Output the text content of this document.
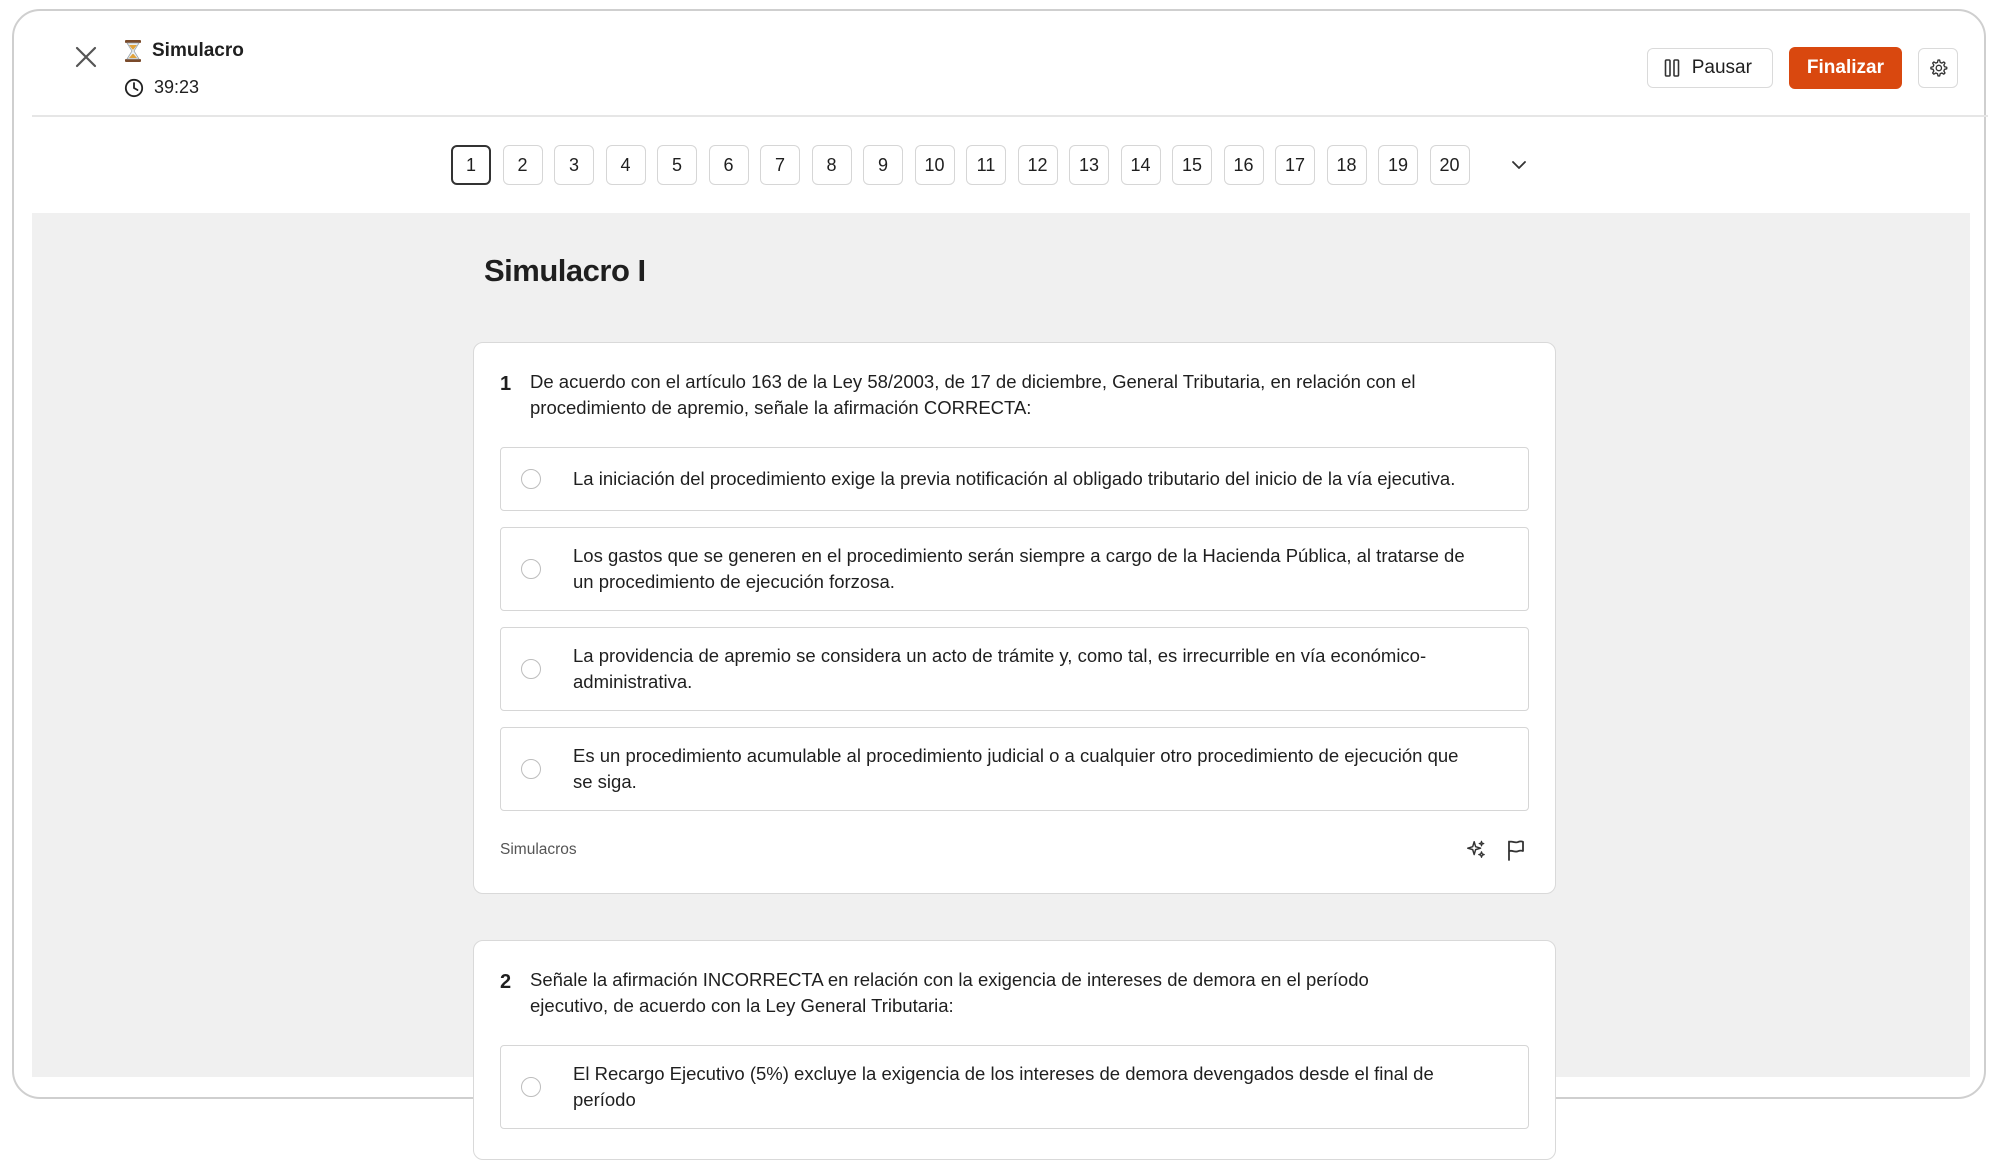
Simulacro
39:23
Pausar	Finalizar
1	2	3	4	5	6	7	8	9	10	11	12	13	14	15	16	17	18	19	20
Simulacro I
1	De acuerdo con el artículo 163 de la Ley 58/2003, de 17 de diciembre, General Tributaria, en relación con el procedimiento de apremio, señale la afirmación CORRECTA:
La iniciación del procedimiento exige la previa notificación al obligado tributario del inicio de la vía ejecutiva.
Los gastos que se generen en el procedimiento serán siempre a cargo de la Hacienda Pública, al tratarse de un procedimiento de ejecución forzosa.
La providencia de apremio se considera un acto de trámite y, como tal, es irrecurrible en vía económico-administrativa.
Es un procedimiento acumulable al procedimiento judicial o a cualquier otro procedimiento de ejecución que se siga.
Simulacros
2	Señale la afirmación INCORRECTA en relación con la exigencia de intereses de demora en el período ejecutivo, de acuerdo con la Ley General Tributaria:
El Recargo Ejecutivo (5%) excluye la exigencia de los intereses de demora devengados desde el final de período
